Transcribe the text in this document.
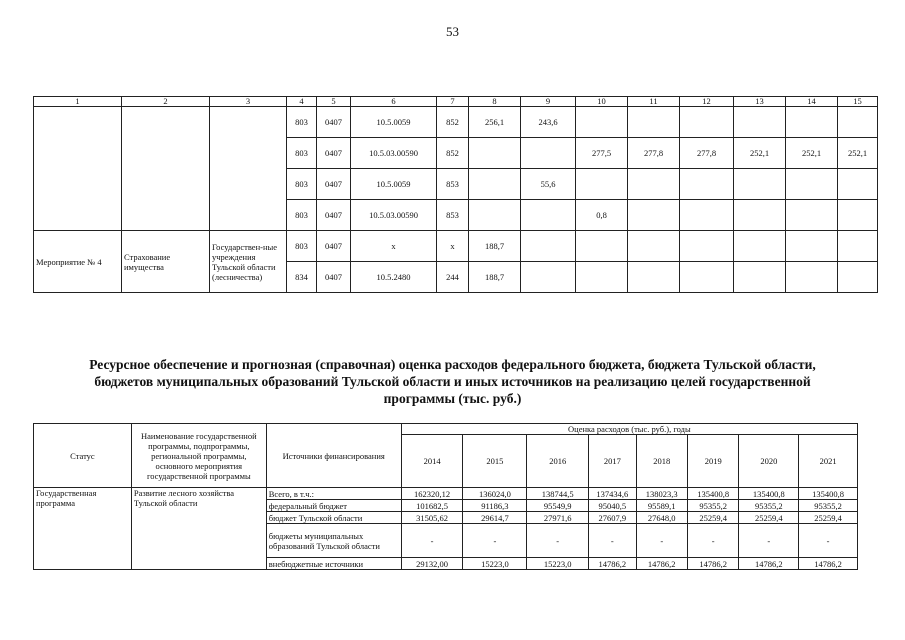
53
1	2	3	4	5	6	7	8	9	10	11	12	13	14	15
			803	0407	10.5.0059	852	256,1	243,6						
			803	0407	10.5.03.00590	852			277,5	277,8	277,8	252,1	252,1	252,1
			803	0407	10.5.0059	853		55,6						
			803	0407	10.5.03.00590	853			0,8					
Мероприятие № 4	Страхование имущества	Государствен-ные учреждения Тульской области (лесничества)	803	0407	x	x	188,7							
			834	0407	10.5.2480	244	188,7							
Ресурсное обеспечение и прогнозная (справочная) оценка расходов федерального бюджета, бюджета Тульской области, бюджетов муниципальных образований Тульской области и иных источников на реализацию целей государственной программы (тыс. руб.)
Статус	Наименование государственной программы, подпрограммы, региональной программы, основного мероприятия государственной программы	Источники финансирования	Оценка расходов (тыс. руб.), годы							
			2014	2015	2016	2017	2018	2019	2020	2021
Государственная программа	Развитие лесного хозяйства Тульской области	Всего, в т.ч.:	162320,12	136024,0	138744,5	137434,6	138023,3	135400,8	135400,8	135400,8
		федеральный бюджет	101682,5	91186,3	95549,9	95040,5	95589,1	95355,2	95355,2	95355,2
		бюджет Тульской области	31505,62	29614,7	27971,6	27607,9	27648,0	25259,4	25259,4	25259,4
		бюджеты муниципальных образований Тульской области	-	-	-	-	-	-	-	-
		внебюджетные источники	29132,00	15223,0	15223,0	14786,2	14786,2	14786,2	14786,2	14786,2
